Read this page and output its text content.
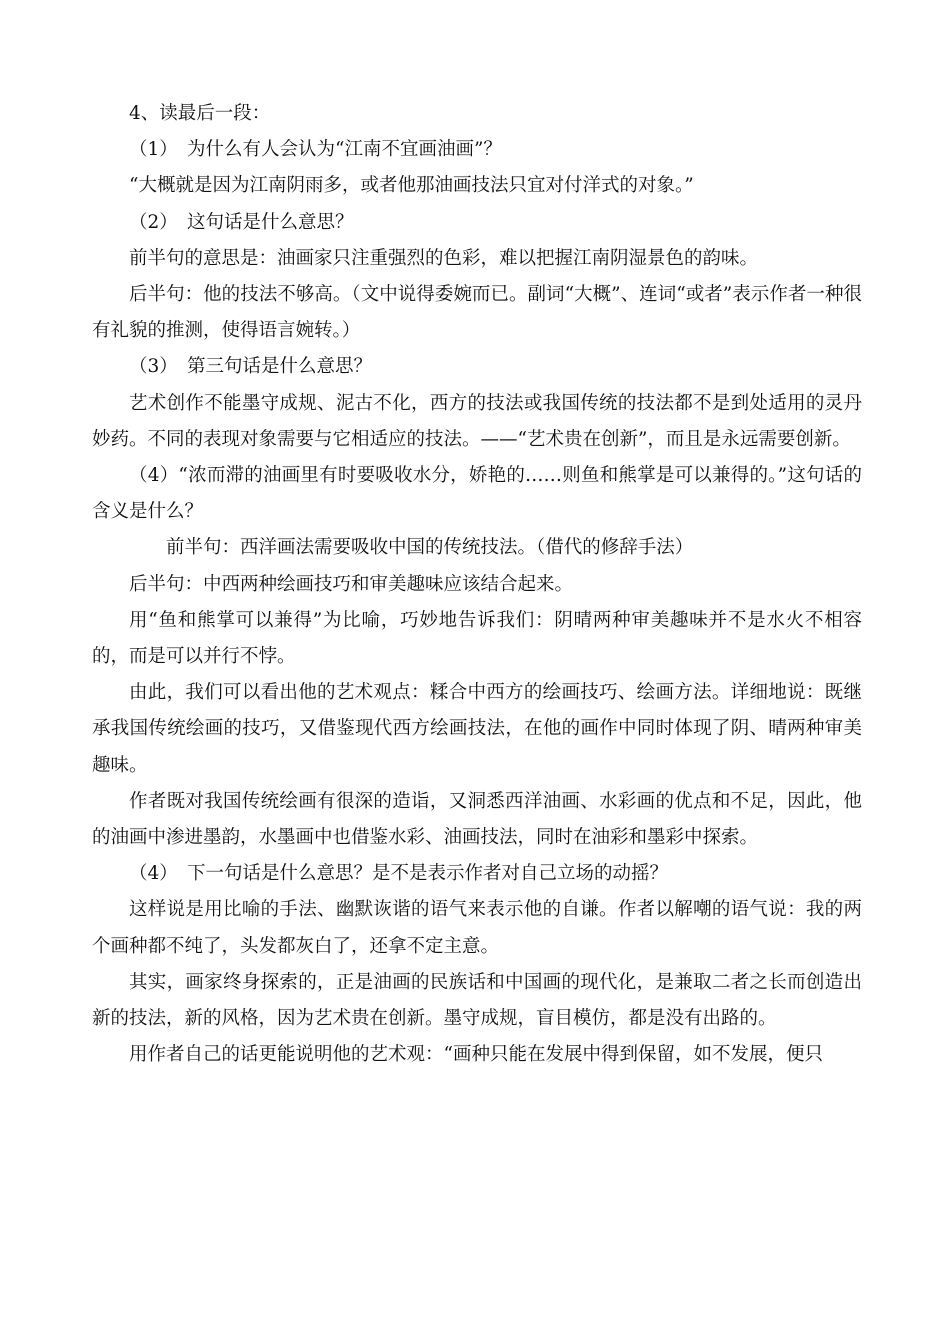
4、读最后一段：

（1）　为什么有人会认为“江南不宜画油画”？

“大概就是因为江南阴雨多，或者他那油画技法只宜对付洋式的对象。”

（2）　这句话是什么意思？

前半句的意思是：油画家只注重强烈的色彩，难以把握江南阴湿景色的韵味。

后半句：他的技法不够高。（文中说得委婉而已。副词“大概”、连词“或者”表示作者一种很有礼貌的推测，使得语言婉转。）

（3）　第三句话是什么意思？

艺术创作不能墨守成规、泥古不化，西方的技法或我国传统的技法都不是到处适用的灵丹妙药。不同的表现对象需要与它相适应的技法。——“艺术贵在创新”，而且是永远需要创新。

（4）“浓而滞的油画里有时要吸收水分，娇艳的……则鱼和熊掌是可以兼得的。”这句话的含义是什么？

前半句：西洋画法需要吸收中国的传统技法。（借代的修辞手法）

后半句：中西两种绘画技巧和审美趣味应该结合起来。

用“鱼和熊掌可以兼得”为比喻，巧妙地告诉我们：阴晴两种审美趣味并不是水火不相容的，而是可以并行不悖。

由此，我们可以看出他的艺术观点：糅合中西方的绘画技巧、绘画方法。详细地说：既继承我国传统绘画的技巧，又借鉴现代西方绘画技法，在他的画作中同时体现了阴、晴两种审美趣味。

作者既对我国传统绘画有很深的造诣，又洞悉西洋油画、水彩画的优点和不足，因此，他的油画中渗进墨韵，水墨画中也借鉴水彩、油画技法，同时在油彩和墨彩中探索。

（4）　下一句话是什么意思？是不是表示作者对自己立场的动摇？

这样说是用比喻的手法、幽默诙谐的语气来表示他的自谦。作者以解嘲的语气说：我的两个画种都不纯了，头发都灰白了，还拿不定主意。

其实，画家终身探索的，正是油画的民族话和中国画的现代化，是兼取二者之长而创造出新的技法，新的风格，因为艺术贵在创新。墨守成规，盲目模仿，都是没有出路的。

用作者自己的话更能说明他的艺术观：“画种只能在发展中得到保留，如不发展，便只
